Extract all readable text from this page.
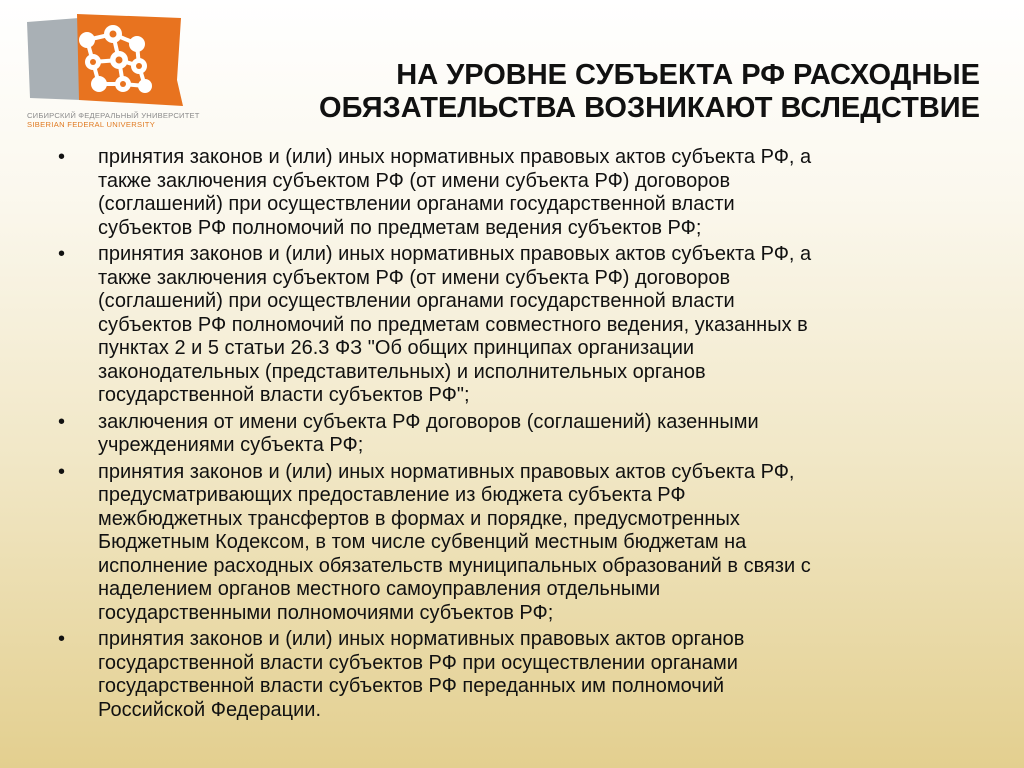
СИБИРСКИЙ ФЕДЕРАЛЬНЫЙ УНИВЕРСИТЕТ
SIBERIAN FEDERAL UNIVERSITY
НА УРОВНЕ СУБЪЕКТА РФ РАСХОДНЫЕ
ОБЯЗАТЕЛЬСТВА ВОЗНИКАЮТ ВСЛЕДСТВИЕ
• принятия законов и (или) иных нормативных правовых актов субъекта РФ, а
также заключения субъектом РФ (от имени субъекта РФ) договоров
(соглашений) при осуществлении органами государственной власти
субъектов РФ полномочий по предметам ведения субъектов РФ;
• принятия законов и (или) иных нормативных правовых актов субъекта РФ, а
также заключения субъектом РФ (от имени субъекта РФ) договоров
(соглашений) при осуществлении органами государственной власти
субъектов РФ полномочий по предметам совместного ведения, указанных в
пунктах 2 и 5 статьи 26.3 ФЗ "Об общих принципах организации
законодательных (представительных) и исполнительных органов
государственной власти субъектов РФ";
• заключения от имени субъекта РФ договоров (соглашений) казенными
учреждениями субъекта РФ;
• принятия законов и (или) иных нормативных правовых актов субъекта РФ,
предусматривающих предоставление из бюджета субъекта РФ
межбюджетных трансфертов в формах и порядке, предусмотренных
Бюджетным Кодексом, в том числе субвенций местным бюджетам на
исполнение расходных обязательств муниципальных образований в связи с
наделением органов местного самоуправления отдельными
государственными полномочиями субъектов РФ;
• принятия законов и (или) иных нормативных правовых актов органов
государственной власти субъектов РФ при осуществлении органами
государственной власти субъектов РФ переданных им полномочий
Российской Федерации.
